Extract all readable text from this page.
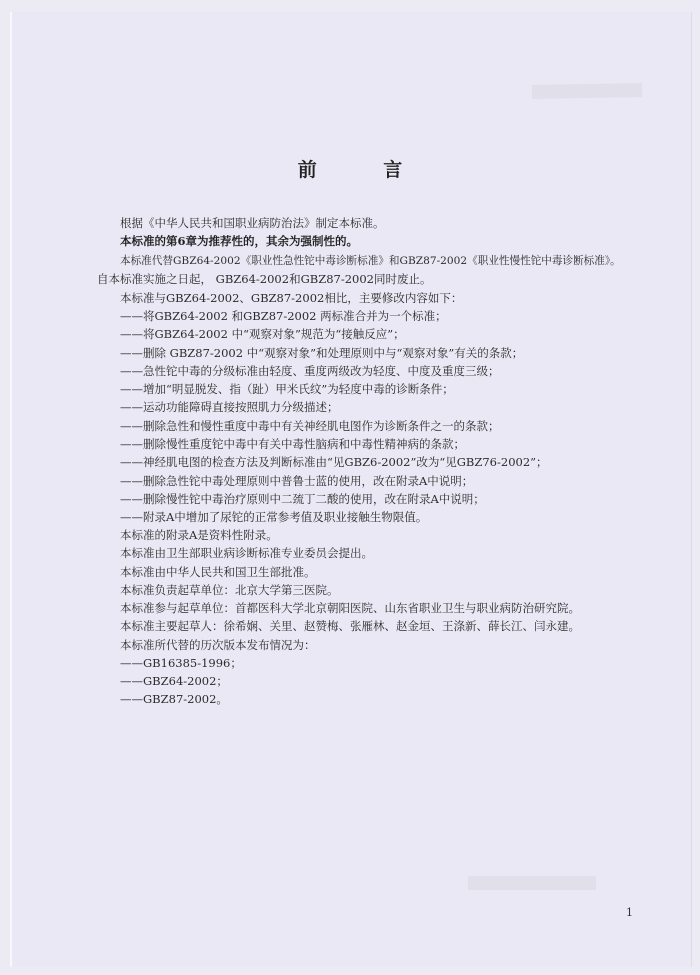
前 言
根据《中华人民共和国职业病防治法》制定本标准。
本标准的第6章为推荐性的，其余为强制性的。
本标准代替GBZ64-2002《职业性急性铊中毒诊断标准》和GBZ87-2002《职业性慢性铊中毒诊断标准》。
自本标准实施之日起， GBZ64-2002和GBZ87-2002同时废止。
本标准与GBZ64-2002、GBZ87-2002相比，主要修改内容如下：
——将GBZ64-2002 和GBZ87-2002 两标准合并为一个标准；
——将GBZ64-2002 中“观察对象”规范为“接触反应”；
——删除 GBZ87-2002 中“观察对象”和处理原则中与“观察对象”有关的条款；
——急性铊中毒的分级标准由轻度、重度两级改为轻度、中度及重度三级；
——增加“明显脱发、指（趾）甲米氏纹”为轻度中毒的诊断条件；
——运动功能障碍直接按照肌力分级描述；
——删除急性和慢性重度中毒中有关神经肌电图作为诊断条件之一的条款；
——删除慢性重度铊中毒中有关中毒性脑病和中毒性精神病的条款；
——神经肌电图的检查方法及判断标准由“见GBZ6-2002”改为“见GBZ76-2002”；
——删除急性铊中毒处理原则中普鲁士蓝的使用，改在附录A中说明；
——删除慢性铊中毒治疗原则中二巯丁二酸的使用，改在附录A中说明；
——附录A中增加了尿铊的正常参考值及职业接触生物限值。
本标准的附录A是资料性附录。
本标准由卫生部职业病诊断标准专业委员会提出。
本标准由中华人民共和国卫生部批准。
本标准负责起草单位：北京大学第三医院。
本标准参与起草单位：首都医科大学北京朝阳医院、山东省职业卫生与职业病防治研究院。
本标准主要起草人：徐希娴、关里、赵赞梅、张雁林、赵金垣、王涤新、薛长江、闫永建。
本标准所代替的历次版本发布情况为：
——GB16385-1996；
——GBZ64-2002；
——GBZ87-2002。
1
